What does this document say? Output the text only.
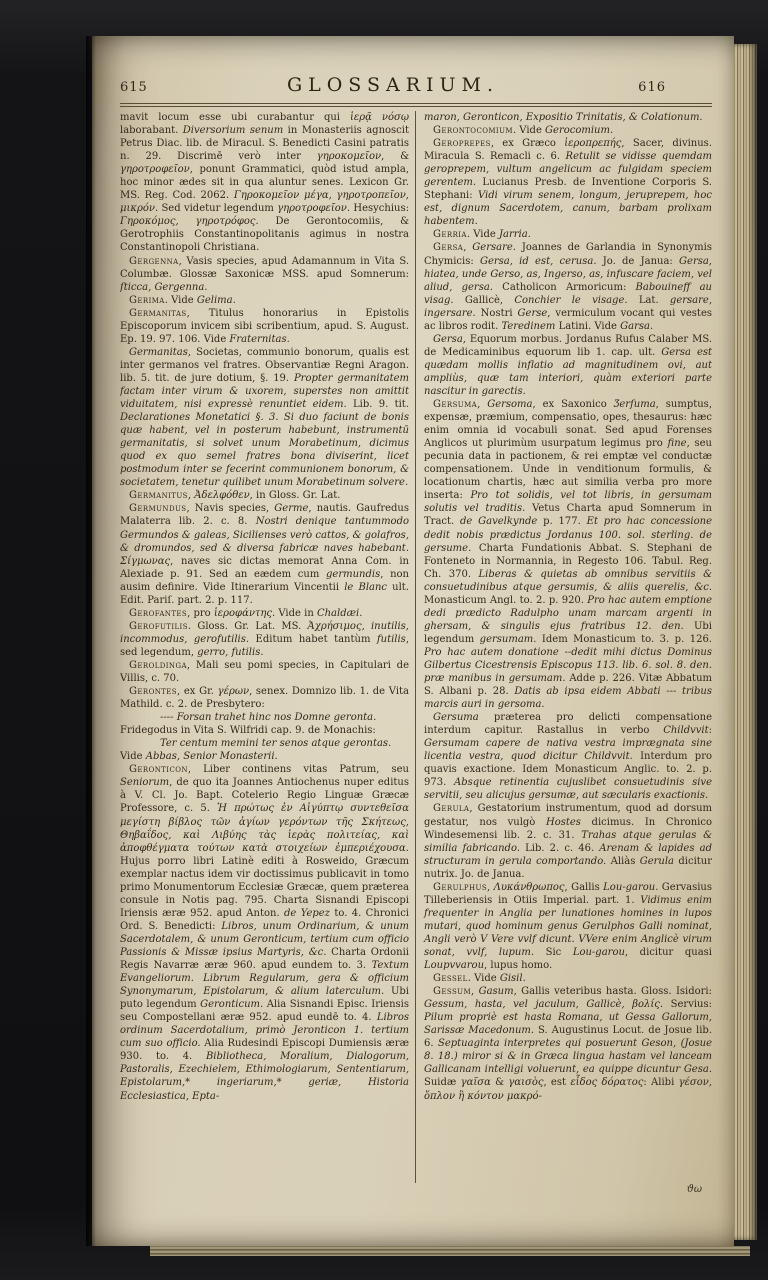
615	GLOSSARIUM.	616
mavit locum esse ubi curabantur qui ἱερᾷ νόσῳ laborabant. Diversorium senum in Monasteriis agnoscit Petrus Diac. lib. de Miracul. S. Benedicti Casini patratis n. 29. Discrimē verò inter γηροκομεῖον, & γηροτροφεῖον, ponunt Grammatici, quòd istud ampla, hoc minor ædes sit in qua aluntur senes. Lexicon Gr. MS. Reg. Cod. 2062. Γηροκομεῖον μέγα, γηροτροπεῖον, μικρόν. Sed videtur legendum γηροτροφεῖον. Hesychius: Γηροκόμος, γηροτρόφος. De Gerontocomiis, & Gerotrophiis Constantinopolitanis agimus in nostra Constantinopoli Christiana.
Gergenna, Vasis species, apud Adamannum in Vita S. Columbæ. Glossæ Saxonicæ MSS. apud Somnerum: ſticca, Gergenna.
Gerima. Vide Gelima.
Germanitas, Titulus honorarius in Epistolis Episcoporum invicem sibi scribentium, apud. S. August. Ep. 19. 97. 106. Vide Fraternitas.
Germanitas, Societas, communio bonorum, qualis est inter germanos vel fratres. Observantiæ Regni Aragon. lib. 5. tit. de jure dotium, §. 19. Propter germanitatem factam inter virum & uxorem, superstes non amittit viduitatem, nisi expressè renuntiet eidem. Lib. 9. tit. Declarationes Monetatici §. 3. Si duo faciunt de bonis quæ habent, vel in posterum habebunt, instrumentū germanitatis, si solvet unum Morabetinum, dicimus quod ex quo semel fratres bona diviserint, licet postmodum inter se fecerint communionem bonorum, & societatem, tenetur quilibet unum Morabetinum solvere.
Germanitus, Ἀδελφόθεν, in Gloss. Gr. Lat.
Germundus, Navis species, Germe, nautis. Gaufredus Malaterra lib. 2. c. 8. Nostri denique tantummodo Germundos & galeas, Sicilienses verò cattos, & golafros, & dromundos, sed & diversa fabricæ naves habebant. Σίγμωνας, naves sic dictas memorat Anna Com. in Alexiade p. 91. Sed an eædem cum germundis, non ausim definire. Vide Itinerarium Vincentii le Blanc ult. Edit. Pariſ. part. 2. p. 117.
Gerofantes, pro ἱεροφάντης. Vide in Chaldæi.
Gerofutilis. Gloss. Gr. Lat. MS. Ἀχρήσιμος, inutilis, incommodus, gerofutilis. Editum habet tantùm futilis, sed legendum, gerro, futilis.
Geroldinga, Mali seu pomi species, in Capitulari de Villis, c. 70.
Gerontes, ex Gr. γέρων, senex. Domnizo lib. 1. de Vita Mathild. c. 2. de Presbytero:
---- Forsan trahet hinc nos Domne geronta.
Fridegodus in Vita S. Wilfridi cap. 9. de Monachis:
Ter centum memini ter senos atque gerontas.
Vide Abbas, Senior Monasterii.
Geronticon, Liber continens vitas Patrum, seu Seniorum, de quo ita Joannes Antiochenus nuper editus à V. Cl. Jo. Bapt. Cotelerio Regio Linguæ Græcæ Professore, c. 5. Ἡ πρώτως ἐν Αἰγύπτῳ συντεθεῖσα μεγίστη βίβλος τῶν ἁγίων γερόντων τῆς Σκήτεως, Θηβαΐδος, καὶ Λιβύης τὰς ἱερὰς πολιτείας, καὶ ἀποφθέγματα τούτων κατὰ στοιχείων ἐμπεριέχουσα. Hujus porro libri Latinè editi à Rosweido, Græcum exemplar nactus idem vir doctissimus publicavit in tomo primo Monumentorum Ecclesiæ Græcæ, quem præterea consule in Notis pag. 795. Charta Sisnandi Episcopi Iriensis æræ 952. apud Anton. de Yepez to. 4. Chronici Ord. S. Benedicti: Libros, unum Ordinarium, & unum Sacerdotalem, & unum Geronticum, tertium cum officio Passionis & Missæ ipsius Martyris, &c. Charta Ordonii Regis Navarræ æræ 960. apud eundem to. 3. Textum Evangeliorum. Librum Regularum, gera & officium Synonymarum, Epistolarum, & alium laterculum. Ubi puto legendum Geronticum. Alia Sisnandi Episc. Iriensis seu Compostellani æræ 952. apud eundē to. 4. Libros ordinum Sacerdotalium, primò Jeronticon 1. tertium cum suo officio. Alia Rudesindi Episcopi Dumiensis æræ 930. to. 4. Bibliotheca, Moralium, Dialogorum, Pastoralis, Ezechielem, Ethimologiarum, Sententiarum, Epistolarum,* ingeriarum,* geriæ, Historia Ecclesiastica, Epta-
maron, Geronticon, Expositio Trinitatis, & Colationum.
Gerontocomium. Vide Gerocomium.
Geroprepes, ex Græco ἱεροπρεπής, Sacer, divinus. Miracula S. Remacli c. 6. Retulit se vidisse quemdam geroprepem, vultum angelicum ac fulgidam speciem gerentem. Lucianus Presb. de Inventione Corporis S. Stephani: Vidi virum senem, longum, jeruprepem, hoc est, dignum Sacerdotem, canum, barbam prolixam habentem.
Gerria. Vide Jarria.
Gersa, Gersare. Joannes de Garlandia in Synonymis Chymicis: Gersa, id est, cerusa. Jo. de Janua: Gersa, hiatea, unde Gerso, as, Ingerso, as, infuscare faciem, vel aliud, gersa. Catholicon Armoricum: Babouineff au visag. Gallicè, Conchier le visage. Lat. gersare, ingersare. Nostri Gerse, vermiculum vocant qui vestes ac libros rodit. Teredinem Latini. Vide Garsa.
Gersa, Equorum morbus. Jordanus Rufus Calaber MS. de Medicaminibus equorum lib 1. cap. ult. Gersa est quædam mollis inflatio ad magnitudinem ovi, aut ampliùs, quæ tam interiori, quàm exteriori parte nascitur in garectis.
Gersuma, Gersoma, ex Saxonico Ʒerſuma, sumptus, expensæ, præmium, compensatio, opes, thesaurus: hæc enim omnia id vocabuli sonat. Sed apud Forenses Anglicos ut plurimùm usurpatum legimus pro fine, seu pecunia data in pactionem, & rei emptæ vel conductæ compensationem. Unde in venditionum formulis, & locationum chartis, hæc aut similia verba pro more inserta: Pro tot solidis, vel tot libris, in gersumam solutis vel traditis. Vetus Charta apud Somnerum in Tract. de Gavelkynde p. 177. Et pro hac concessione dedit nobis prædictus Jordanus 100. sol. sterling. de gersume. Charta Fundationis Abbat. S. Stephani de Fonteneto in Normannia, in Regesto 106. Tabul. Reg. Ch. 370. Liberas & quietas ab omnibus servitiis & consuetudinibus atque gersumis, & aliis querelis, &c. Monasticum Angl. to. 2. p. 920. Pro hac autem emptione dedi prædicto Radulpho unam marcam argenti in ghersam, & singulis ejus fratribus 12. den. Ubi legendum gersumam. Idem Monasticum to. 3. p. 126. Pro hac autem donatione --dedit mihi dictus Dominus Gilbertus Cicestrensis Episcopus 113. lib. 6. sol. 8. den. præ manibus in gersumam. Adde p. 226. Vitæ Abbatum S. Albani p. 28. Datis ab ipsa eidem Abbati --- tribus marcis auri in gersoma.
Gersuma præterea pro delicti compensatione interdum capitur. Rastallus in verbo Childvvit: Gersumam capere de nativa vestra imprægnata sine licentia vestra, quod dicitur Childvvit. Interdum pro quavis exactione. Idem Monasticum Anglic. to. 2. p. 973. Absque retinentia cujuslibet consuetudinis sive servitii, seu alicujus gersumæ, aut sæcularis exactionis.
Gerula, Gestatorium instrumentum, quod ad dorsum gestatur, nos vulgò Hostes dicimus. In Chronico Windesemensi lib. 2. c. 31. Trahas atque gerulas & similia fabricando. Lib. 2. c. 46. Arenam & lapides ad structuram in gerula comportando. Aliàs Gerula dicitur nutrix. Jo. de Janua.
Gerulphus, Λυκάνθρωπος, Gallis Lou-garou. Gervasius Tilleberiensis in Otiis Imperial. part. 1. Vidimus enim frequenter in Anglia per lunationes homines in lupos mutari, quod hominum genus Gerulphos Galli nominat, Angli verò V Vere vvlf dicunt. VVere enim Anglicè virum sonat, vvlf, lupum. Sic Lou-garou, dicitur quasi Loupvvarou, lupus homo.
Gessel. Vide Gisil.
Gessum, Gasum, Gallis veteribus hasta. Gloss. Isidori: Gessum, hasta, vel jaculum, Gallicè, βολίς. Servius: Pilum propriè est hasta Romana, ut Gessa Gallorum, Sarissæ Macedonum. S. Augustinus Locut. de Josue lib. 6. Septuaginta interpretes qui posuerunt Geson, (Josue 8. 18.) miror si & in Græca lingua hastam vel lanceam Gallicanam intelligi voluerunt, ea quippe dicuntur Gesa. Suidæ γαῖσα & γαισὸς, est εἶδος δόρατος: Alibi γέσον, ὅπλον ἢ κόντον μακρό-
ϑω
